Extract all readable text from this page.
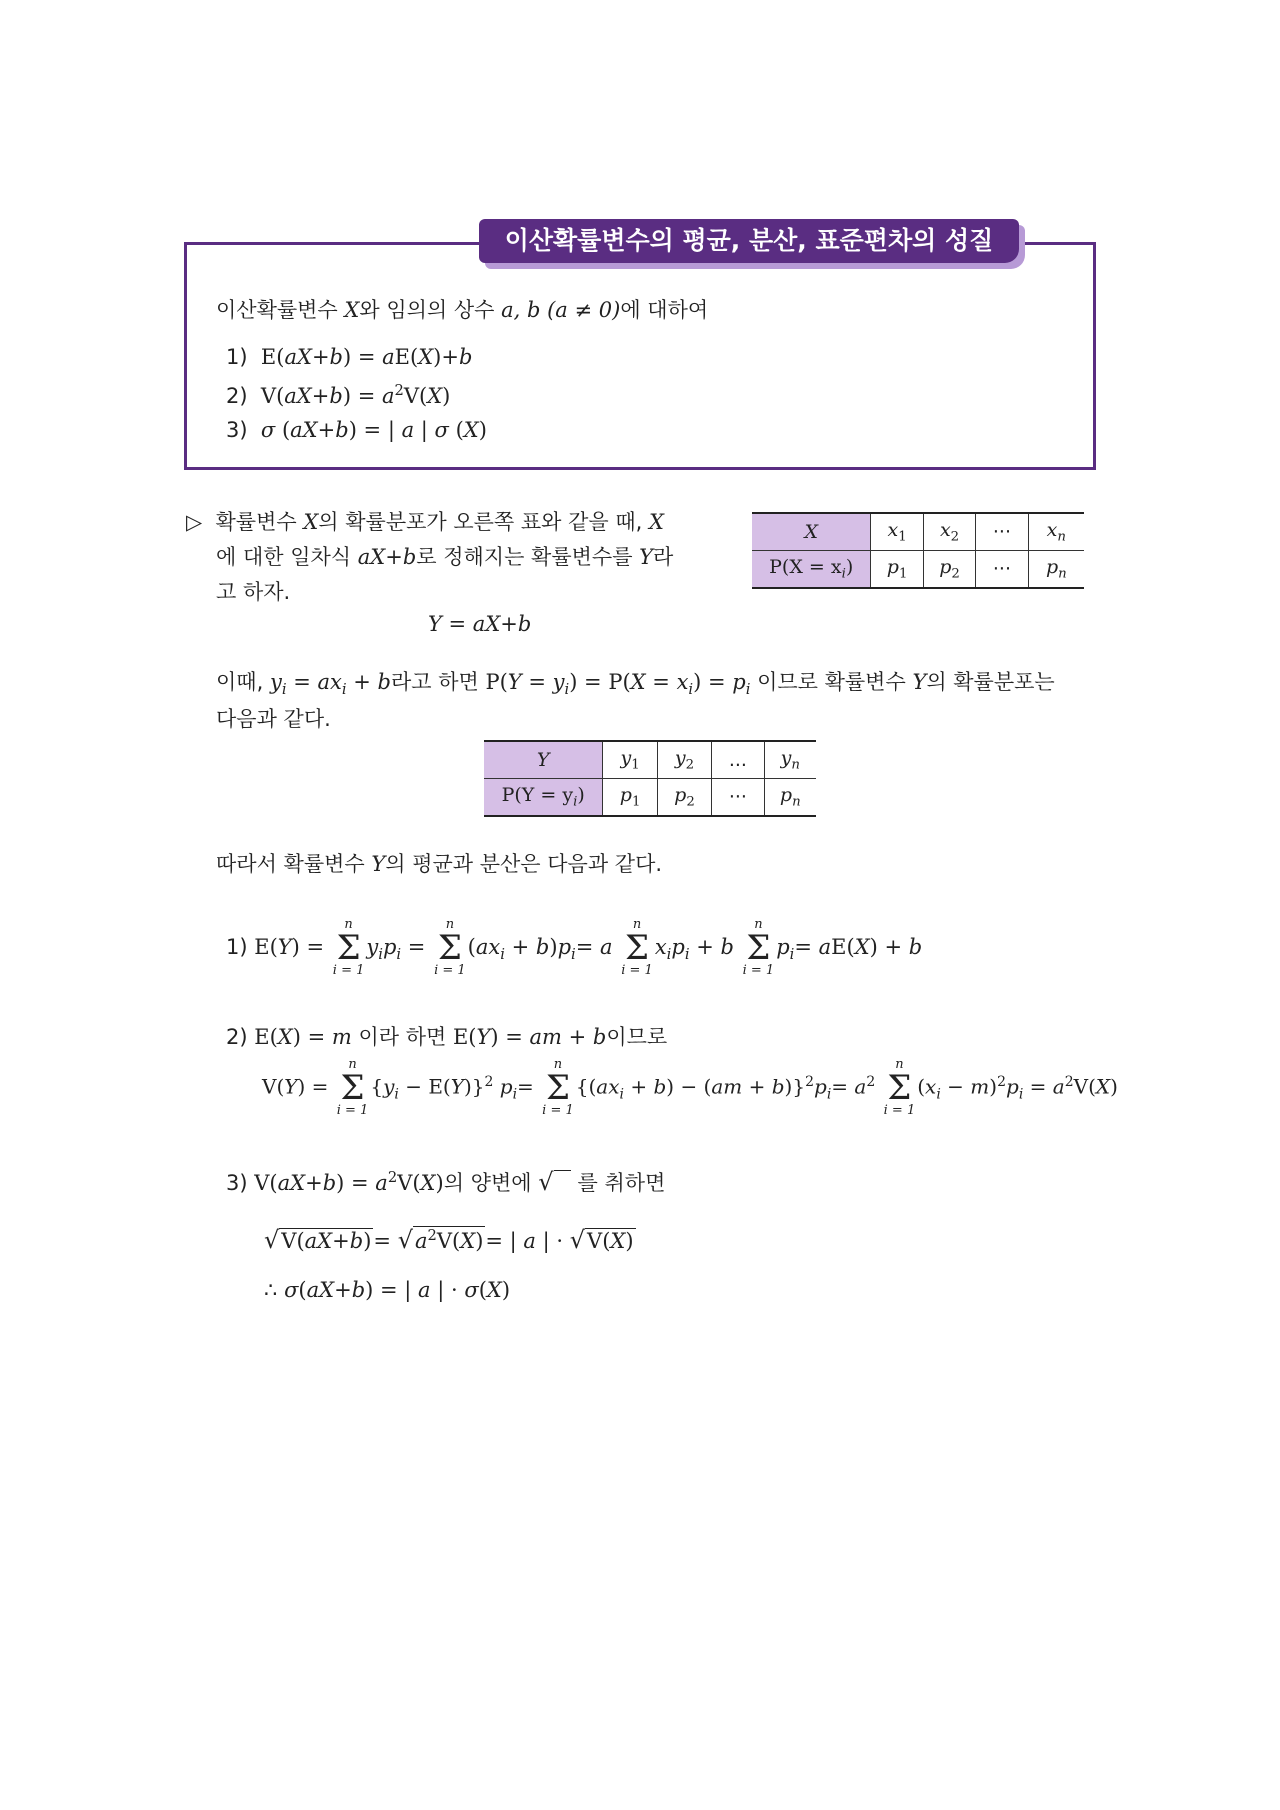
이산확률변수의 평균, 분산, 표준편차의 성질
이산확률변수 X와 임의의 상수 a, b (a ≠ 0)에 대하여
1) E(aX+b) = aE(X)+b
2) $V(aX+b) = a^2V(X)$
3) σ (aX+b) = | a | σ (X)
▷ 확률변수 X의 확률분포가 오른쪽 표와 같을 때, X
에 대한 일차식 aX+b로 정해지는 확률변수를 Y라
고 하자.
Y = aX+b
X	$x_1$	$x_2$	···	$x_n$
$P(X = x_i)$	$p_1$	$p_2$	···	$p_n$
이때, $y_i = ax_i + b$라고 하면 $P(Y = y_i) = P(X = x_i) = p_i$ 이므로 확률변수 Y의 확률분포는
다음과 같다.
Y	$y_1$	$y_2$	...	$y_n$
$P(Y = y_i)$	$p_1$	$p_2$	···	$p_n$
따라서 확률변수 Y의 평균과 분산은 다음과 같다.
1) E(Y) =
n
Σ
i = 1
$y_ip_i$ =
n
Σ
i = 1
$(ax_i + b)p_i= a$
n
Σ
i = 1
$x_ip_i + b$
n
Σ
i = 1
$p_i= aE(X) + b$
2) E(X) = m 이라 하면 E(Y) = am + b이므로
V(Y) =
n
Σ
i = 1
$\{y_i - E(Y)\}^2$ $p_i=$
n
Σ
i = 1
$\{(ax_i + b) - (am + b)\}^2p_i= a^2$
n
Σ
i = 1
$(x_i - m)^2p_i = a^2V(X)$
3) $V(aX+b) = a^2V(X)$의 양변에 √   를 취하면
$√V(aX+b)= √a^2V(X)=$ | a | · √V(X)
∴ σ(aX+b) = | a | · σ(X)
